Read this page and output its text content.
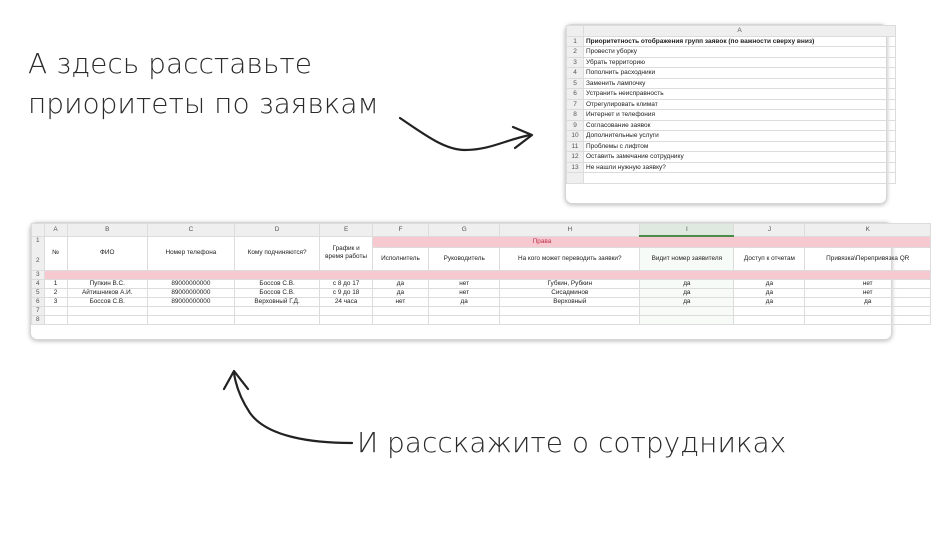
А здесь расставьте
приоритеты по заявкам
И расскажите о сотрудниках
	A
1	Приоритетность отображения групп заявок (по важности сверху вниз)
2	Провести уборку
3	Убрать территорию
4	Пополнить расходники
5	Заменить лампочку
6	Устранить неисправность
7	Отрегулировать климат
8	Интернет и телефония
9	Согласование заявок
10	Дополнительные услуги
11	Проблемы с лифтом
12	Оставить замечание сотруднику
13	Не нашли нужную заявку?

	A	B	C	D	E	F	G	H	I	J	K

1
2	№	ФИО	Номер телефона	Кому подчиняются?	График и время работы	Права					
						Исполнитель	Руководитель	На кого может переводить заявки?	Видит номер заявителя	Доступ к отчетам	Привязка\Перепривязка QR
3											
4	1	Пупкин В.С.	89000000000	Боссов С.В.	с 8 до 17	да	нет	Губкин, Рубкин	да	да	нет
5	2	Айтишников А.И.	89000000000	Боссов С.В.	с 9 до 18	да	нет	Сисадминов	да	да	нет
6	3	Боссов С.В.	89000000000	Верховный Г.Д.	24 часа	нет	да	Верховный	да	да	да
7											
8											
